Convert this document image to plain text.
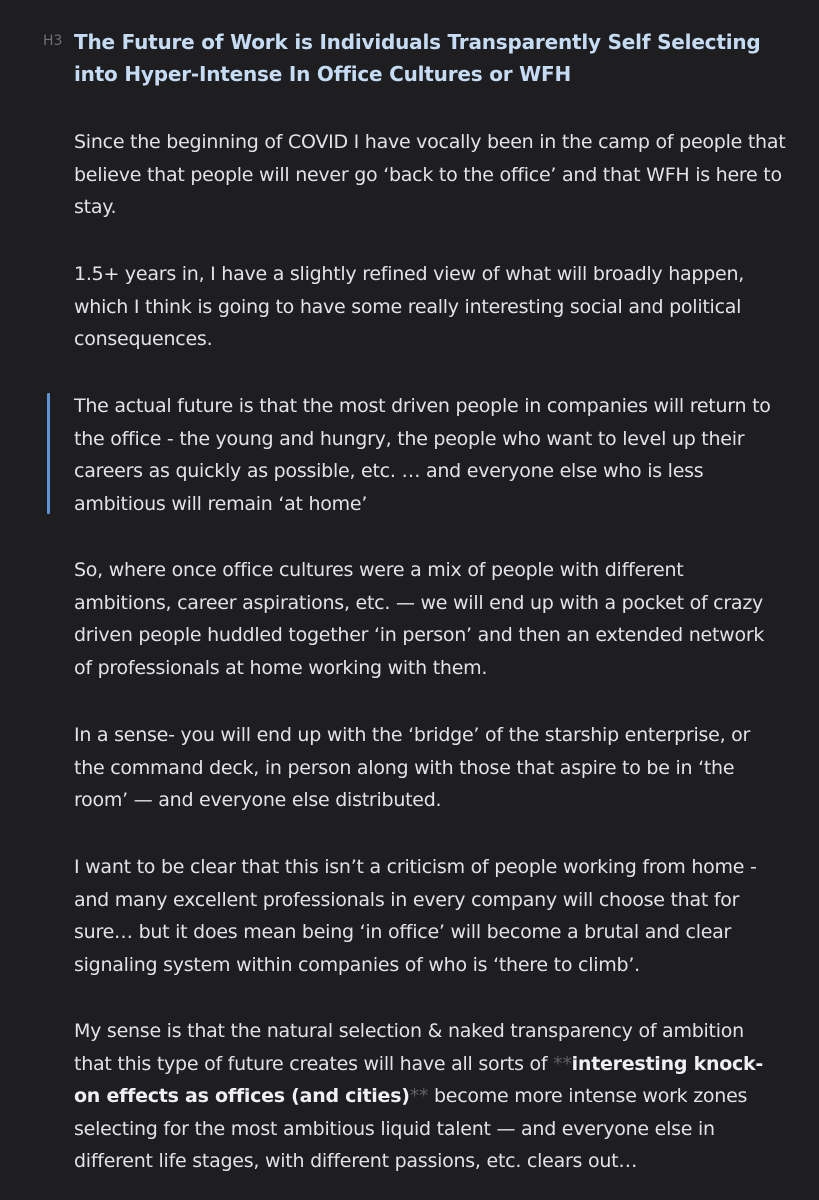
H3 The Future of Work is Individuals Transparently Self Selecting into Hyper-Intense In Office Cultures or WFH

Since the beginning of COVID I have vocally been in the camp of people that believe that people will never go ‘back to the office’ and that WFH is here to stay.

1.5+ years in, I have a slightly refined view of what will broadly happen, which I think is going to have some really interesting social and political consequences.

The actual future is that the most driven people in companies will return to the office - the young and hungry, the people who want to level up their careers as quickly as possible, etc. … and everyone else who is less ambitious will remain ‘at home’

So, where once office cultures were a mix of people with different ambitions, career aspirations, etc. — we will end up with a pocket of crazy driven people huddled together ‘in person’ and then an extended network of professionals at home working with them.

In a sense- you will end up with the ‘bridge’ of the starship enterprise, or the command deck, in person along with those that aspire to be in ‘the room’ — and everyone else distributed.

I want to be clear that this isn’t a criticism of people working from home - and many excellent professionals in every company will choose that for sure… but it does mean being ‘in office’ will become a brutal and clear signaling system within companies of who is ‘there to climb’.

My sense is that the natural selection & naked transparency of ambition that this type of future creates will have all sorts of **interesting knock-on effects as offices (and cities)** become more intense work zones selecting for the most ambitious liquid talent — and everyone else in different life stages, with different passions, etc. clears out…
